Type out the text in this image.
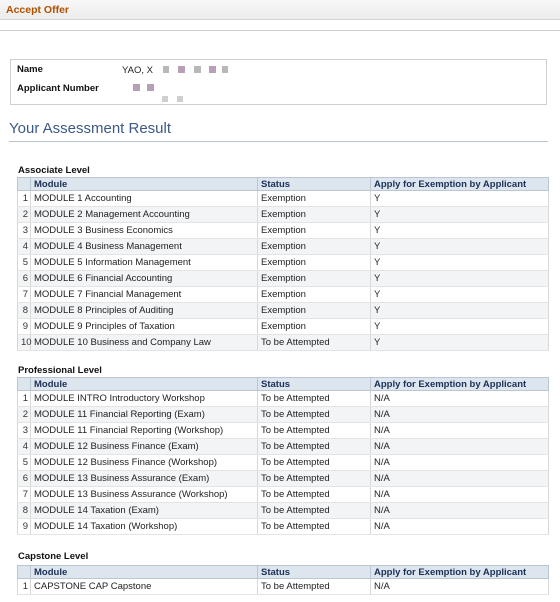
Accept Offer
Name	YAO, X
Applicant Number
Your Assessment Result
Associate Level
	Module	Status	Apply for Exemption by Applicant
1	MODULE 1 Accounting	Exemption	Y
2	MODULE 2 Management Accounting	Exemption	Y
3	MODULE 3 Business Economics	Exemption	Y
4	MODULE 4 Business Management	Exemption	Y
5	MODULE 5 Information Management	Exemption	Y
6	MODULE 6 Financial Accounting	Exemption	Y
7	MODULE 7 Financial Management	Exemption	Y
8	MODULE 8 Principles of Auditing	Exemption	Y
9	MODULE 9 Principles of Taxation	Exemption	Y
10	MODULE 10 Business and Company Law	To be Attempted	Y
Professional Level
	Module	Status	Apply for Exemption by Applicant
1	MODULE INTRO Introductory Workshop	To be Attempted	N/A
2	MODULE 11 Financial Reporting (Exam)	To be Attempted	N/A
3	MODULE 11 Financial Reporting (Workshop)	To be Attempted	N/A
4	MODULE 12 Business Finance (Exam)	To be Attempted	N/A
5	MODULE 12 Business Finance (Workshop)	To be Attempted	N/A
6	MODULE 13 Business Assurance (Exam)	To be Attempted	N/A
7	MODULE 13 Business Assurance (Workshop)	To be Attempted	N/A
8	MODULE 14 Taxation (Exam)	To be Attempted	N/A
9	MODULE 14 Taxation (Workshop)	To be Attempted	N/A
Capstone Level
	Module	Status	Apply for Exemption by Applicant
1	CAPSTONE CAP Capstone	To be Attempted	N/A
